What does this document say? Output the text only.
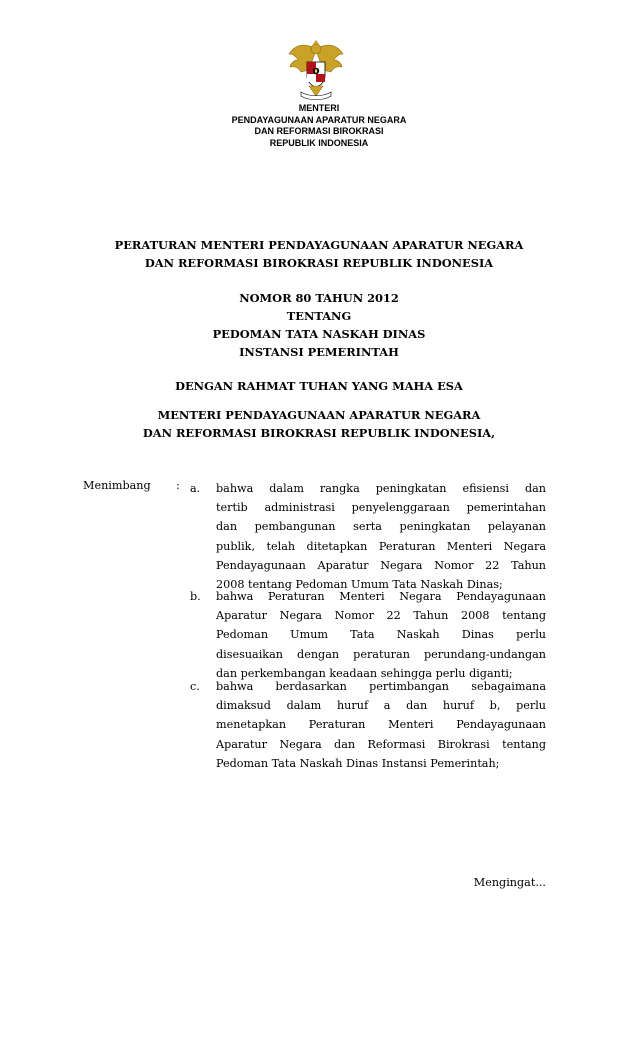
MENTERI
PENDAYAGUNAAN APARATUR NEGARA
DAN REFORMASI BIROKRASI
REPUBLIK INDONESIA
PERATURAN MENTERI PENDAYAGUNAAN APARATUR NEGARA
DAN REFORMASI BIROKRASI REPUBLIK INDONESIA
NOMOR 80 TAHUN 2012
TENTANG
PEDOMAN TATA NASKAH DINAS
INSTANSI PEMERINTAH
DENGAN RAHMAT TUHAN YANG MAHA ESA
MENTERI PENDAYAGUNAAN APARATUR NEGARA
DAN REFORMASI BIROKRASI REPUBLIK INDONESIA,
Menimbang : a. bahwa dalam rangka peningkatan efisiensi dan
tertib administrasi penyelenggaraan pemerintahan
dan pembangunan serta peningkatan pelayanan
publik, telah ditetapkan Peraturan Menteri Negara
Pendayagunaan Aparatur Negara Nomor 22 Tahun
2008 tentang Pedoman Umum Tata Naskah Dinas;
b. bahwa Peraturan Menteri Negara Pendayagunaan
Aparatur Negara Nomor 22 Tahun 2008 tentang
Pedoman Umum Tata Naskah Dinas perlu
disesuaikan dengan peraturan perundang-undangan
dan perkembangan keadaan sehingga perlu diganti;
c. bahwa berdasarkan pertimbangan sebagaimana
dimaksud dalam huruf a dan huruf b, perlu
menetapkan Peraturan Menteri Pendayagunaan
Aparatur Negara dan Reformasi Birokrasi tentang
Pedoman Tata Naskah Dinas Instansi Pemerintah;
Mengingat...
